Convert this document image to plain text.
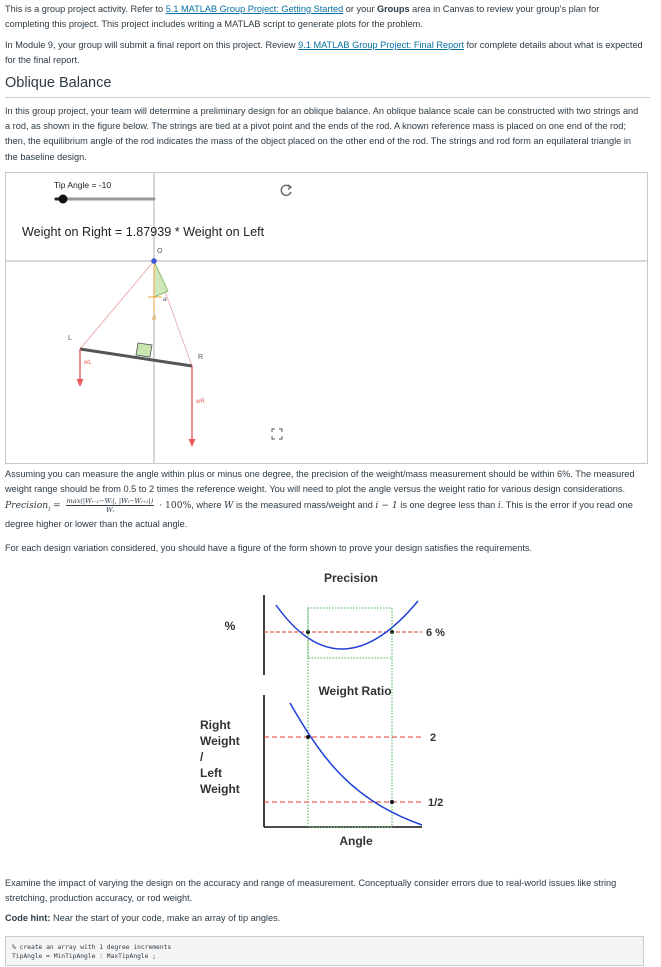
This is a group project activity. Refer to 5.1 MATLAB Group Project: Getting Started or your Groups area in Canvas to review your group's plan for completing this project. This project includes writing a MATLAB script to generate plots for the problem.

In Module 9, your group will submit a final report on this project. Review 9.1 MATLAB Group Project: Final Report for complete details about what is expected for the final report.

Oblique Balance

In this group project, your team will determine a preliminary design for an oblique balance. An oblique balance scale can be constructed with two strings and a rod, as shown in the figure below. The strings are tied at a pivot point and the ends of the rod. A known reference mass is placed on one end of the rod; then, the equilibrium angle of the rod indicates the mass of the object placed on the other end of the rod. The strings and rod form an equilateral triangle in the baseline design.

Tip Angle = -10
Weight on Right = 1.87939 * Weight on Left
a
B
O
L
R
wL
wR

Assuming you can measure the angle within plus or minus one degree, the precision of the weight/mass measurement should be within 6%. The measured weight range should be from 0.5 to 2 times the reference weight. You will need to plot the angle versus the weight ratio for various design considerations. Precision$_i$ = $\frac{\text{max(|Wᵢ₋₁−Wᵢ|, |Wᵢ−Wᵢ₊₁|)}}{\text{Wᵢ}} \cdot 100\%$, where W is the measured mass/weight and i − 1 is one degree less than i. This is the error if you read one degree higher or lower than the actual angle.

For each design variation considered, you should have a figure of the form shown to prove your design satisfies the requirements.

Precision
%	6 %
Weight Ratio
Right
Weight
/
Left
Weight
2
1/2
Angle

Examine the impact of varying the design on the accuracy and range of measurement. Conceptually consider errors due to real-world issues like string stretching, production accuracy, or rod weight.

Code hint: Near the start of your code, make an array of tip angles.

% create an array with 1 degree increments
TipAngle = MinTipAngle : MaxTipAngle ;
